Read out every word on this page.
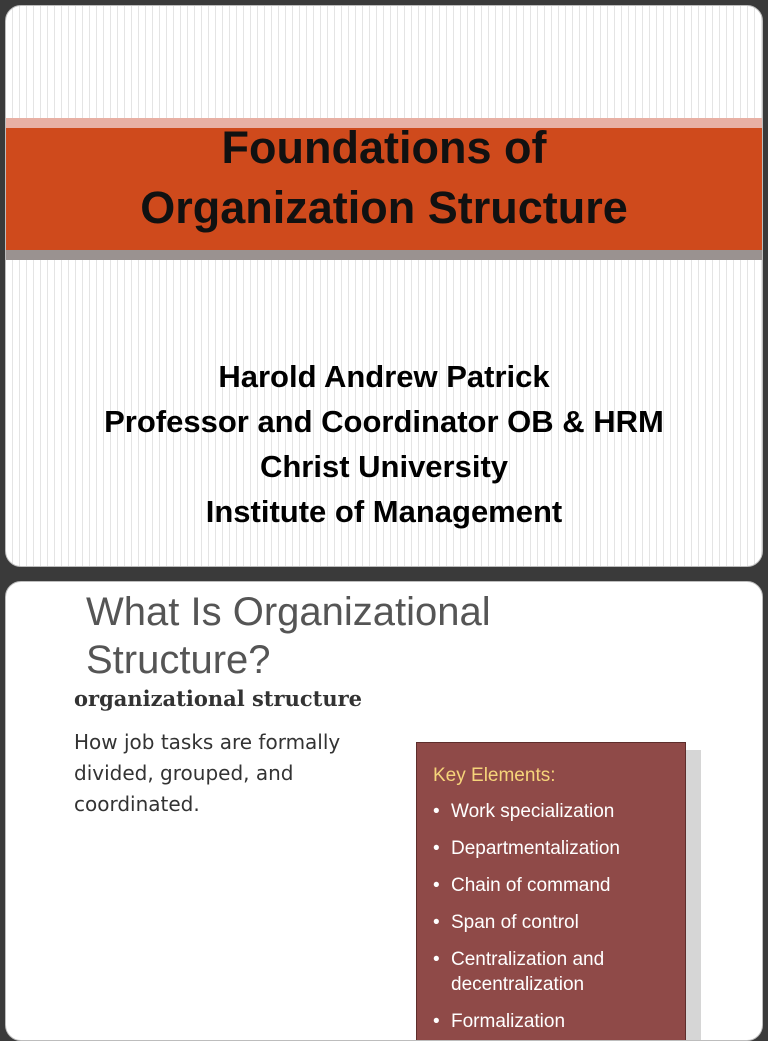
Foundations of
Organization Structure
Harold Andrew Patrick
Professor and Coordinator OB & HRM
Christ University
Institute of Management
What Is Organizational
Structure?
organizational structure
How job tasks are formally divided, grouped, and coordinated.
Key Elements:
• Work specialization
• Departmentalization
• Chain of command
• Span of control
• Centralization and decentralization
• Formalization
